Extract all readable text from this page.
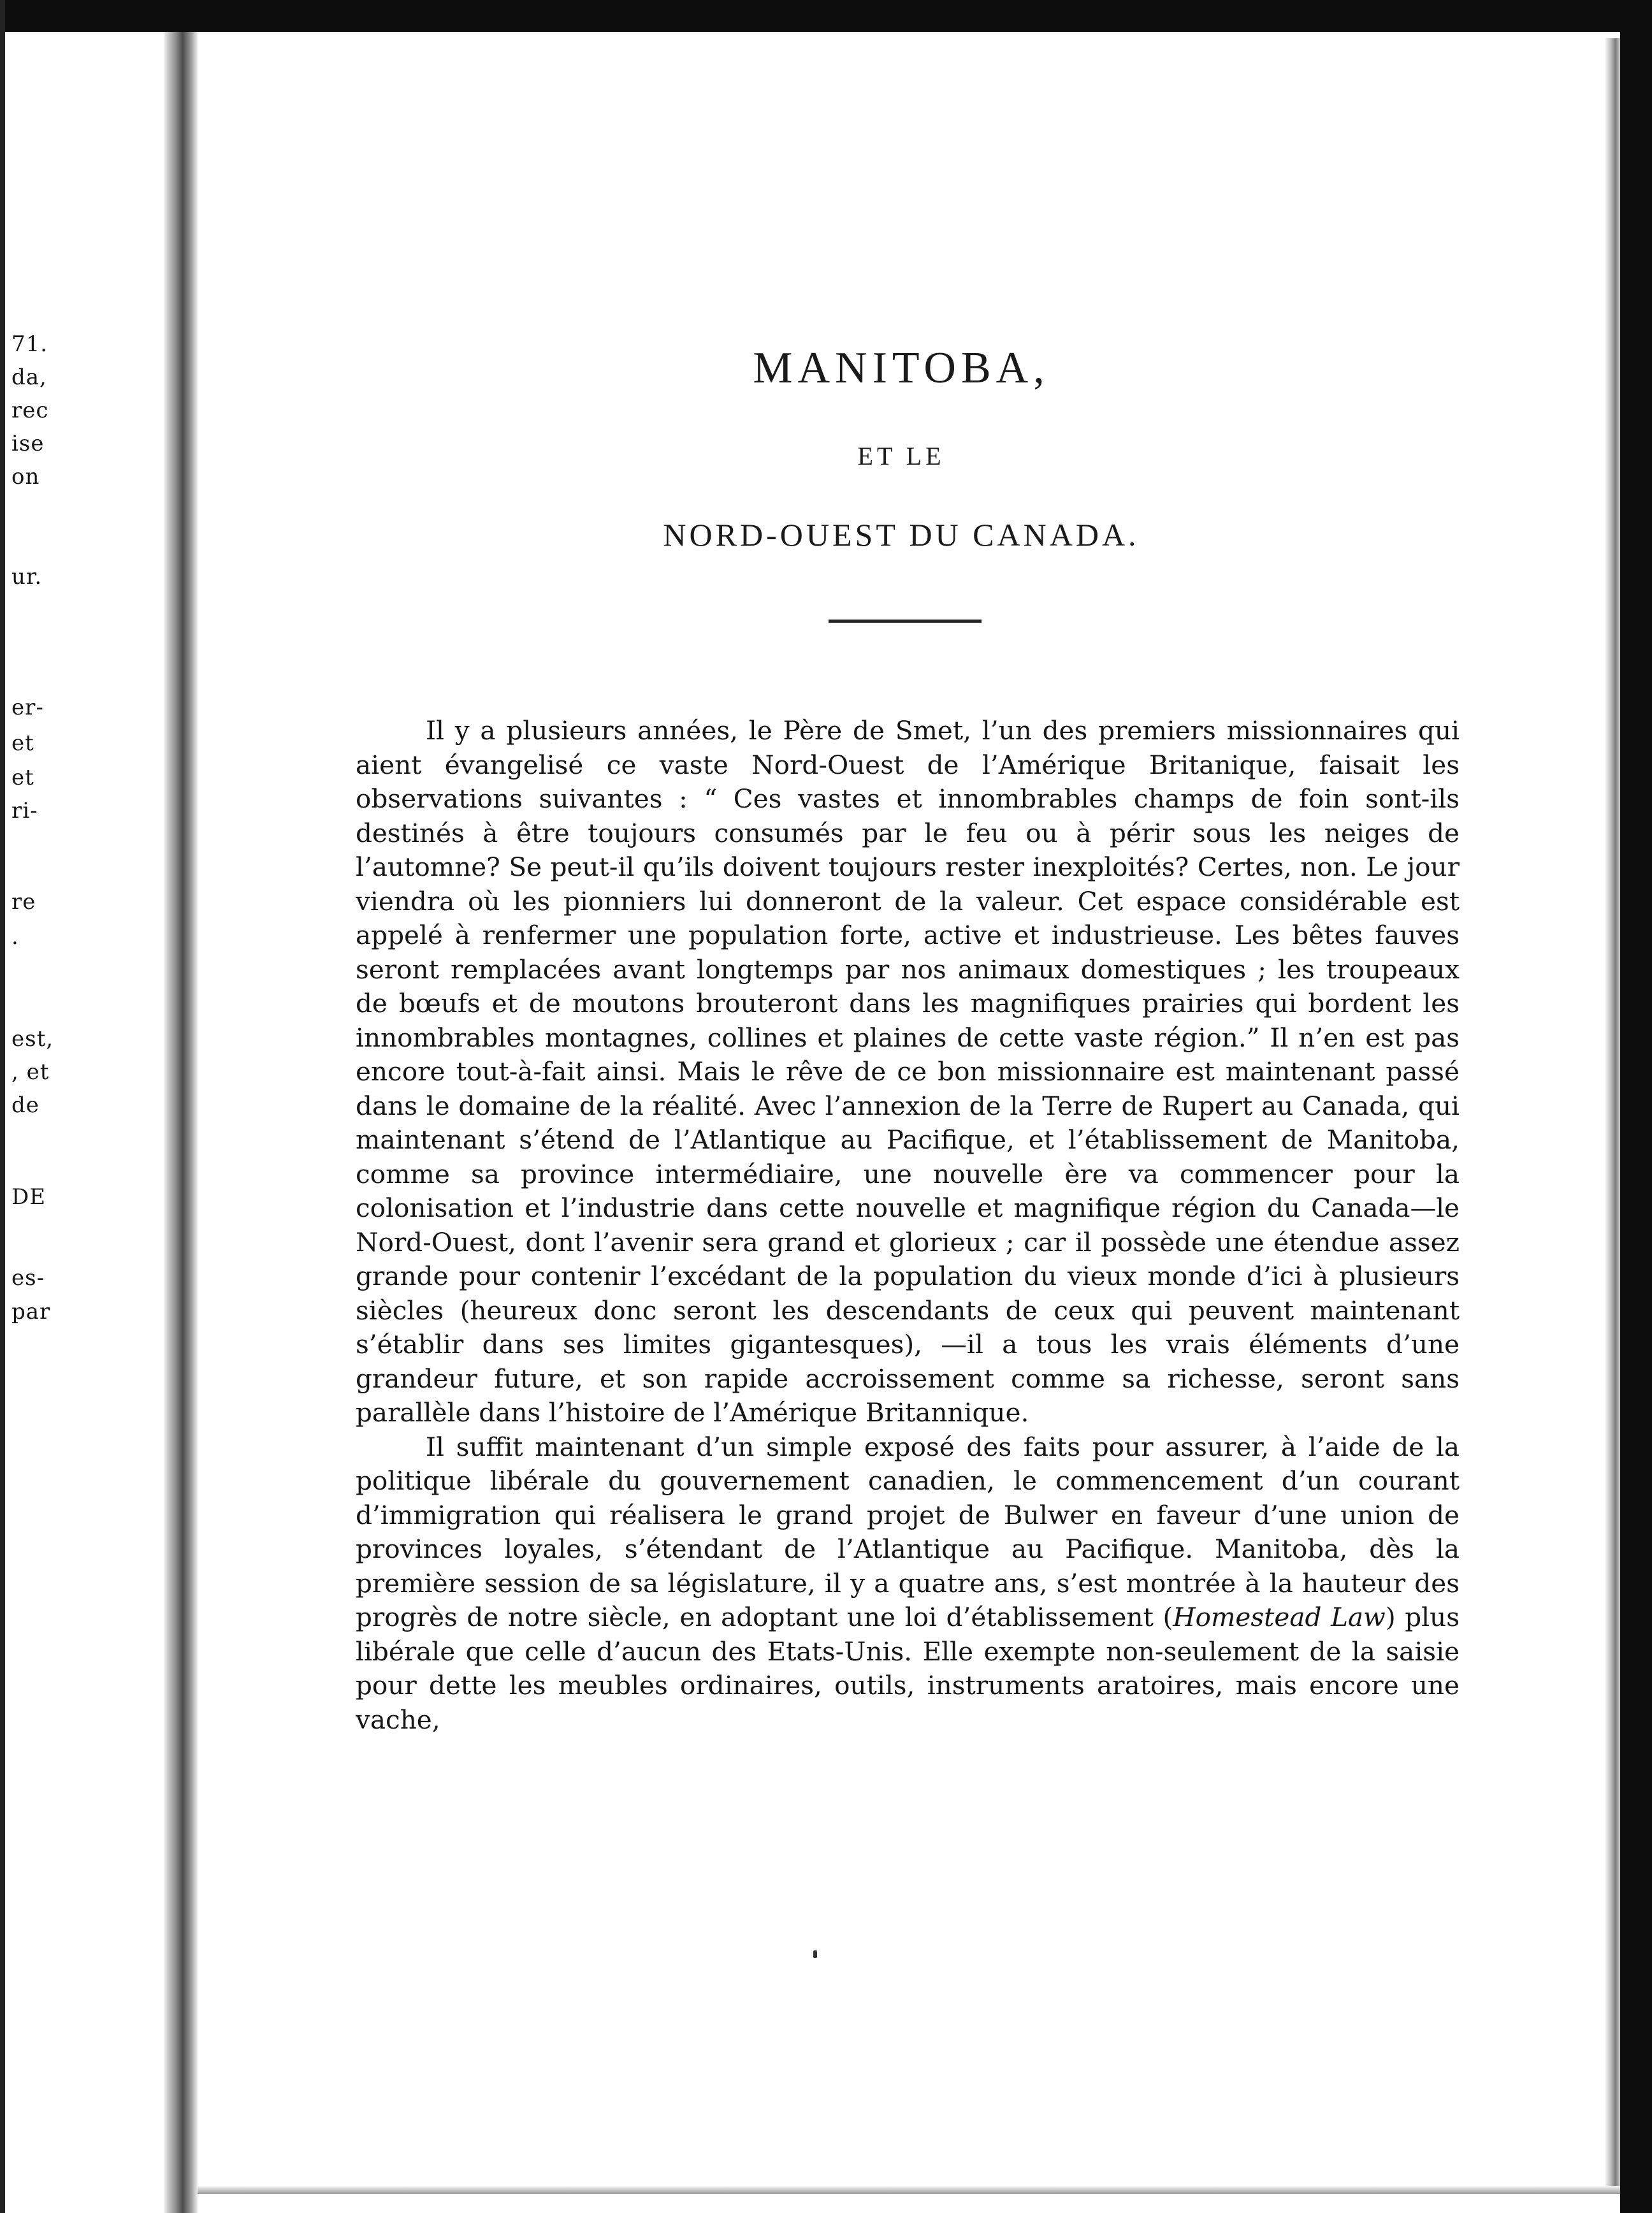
71.
da,
rec
ise
on
ur.
er-
et
et
ri-
re
.
est,
, et
de
DE
es-
par
MANITOBA,
ET LE
NORD-OUEST DU CANADA.

Il y a plusieurs années, le Père de Smet, l’un des premiers missionnaires qui aient évangelisé ce vaste Nord-Ouest de l’Amérique Britanique, faisait les observations suivantes : “ Ces vastes et innombrables champs de foin sont-ils destinés à être toujours consumés par le feu ou à périr sous les neiges de l’automne? Se peut-il qu’ils doivent toujours rester inexploités? Certes, non. Le jour viendra où les pionniers lui donneront de la valeur. Cet espace considérable est appelé à renfermer une population forte, active et industrieuse. Les bêtes fauves seront remplacées avant longtemps par nos animaux domestiques ; les troupeaux de bœufs et de moutons brouteront dans les magnifiques prairies qui bordent les innombrables montagnes, collines et plaines de cette vaste région.” Il n’en est pas encore tout-à-fait ainsi. Mais le rêve de ce bon missionnaire est maintenant passé dans le domaine de la réalité. Avec l’annexion de la Terre de Rupert au Canada, qui maintenant s’étend de l’Atlantique au Pacifique, et l’établissement de Manitoba, comme sa province intermédiaire, une nouvelle ère va commencer pour la colonisation et l’industrie dans cette nouvelle et magnifique région du Canada—le Nord-Ouest, dont l’avenir sera grand et glorieux ; car il possède une étendue assez grande pour contenir l’excédant de la population du vieux monde d’ici à plusieurs siècles (heureux donc seront les descendants de ceux qui peuvent maintenant s’établir dans ses limites gigantesques), —il a tous les vrais éléments d’une grandeur future, et son rapide accroissement comme sa richesse, seront sans parallèle dans l’histoire de l’Amérique Britannique.

Il suffit maintenant d’un simple exposé des faits pour assurer, à l’aide de la politique libérale du gouvernement canadien, le commencement d’un courant d’immigration qui réalisera le grand projet de Bulwer en faveur d’une union de provinces loyales, s’étendant de l’Atlantique au Pacifique. Manitoba, dès la première session de sa législature, il y a quatre ans, s’est montrée à la hauteur des progrès de notre siècle, en adoptant une loi d’établissement (Homestead Law) plus libérale que celle d’aucun des Etats-Unis. Elle exempte non-seulement de la saisie pour dette les meubles ordinaires, outils, instruments aratoires, mais encore une vache,
